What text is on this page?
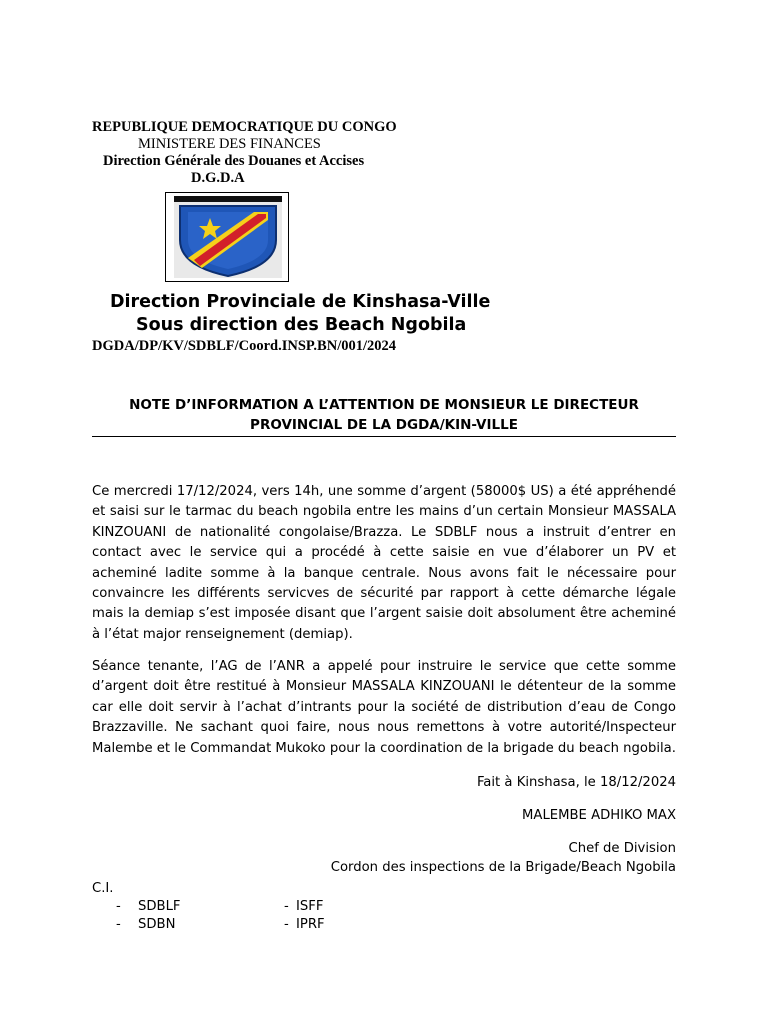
REPUBLIQUE DEMOCRATIQUE DU CONGO
MINISTERE DES FINANCES
Direction Générale des Douanes et Accises
D.G.D.A
Direction Provinciale de Kinshasa-Ville
Sous direction des Beach Ngobila
DGDA/DP/KV/SDBLF/Coord.INSP.BN/001/2024
NOTE D’INFORMATION A L’ATTENTION DE MONSIEUR LE DIRECTEUR PROVINCIAL DE LA DGDA/KIN-VILLE
Ce mercredi 17/12/2024, vers 14h, une somme d’argent (58000$ US) a été appréhendé et saisi sur le tarmac du beach ngobila entre les mains d’un certain Monsieur MASSALA KINZOUANI de nationalité congolaise/Brazza. Le SDBLF nous a instruit d’entrer en contact avec le service qui a procédé à cette saisie en vue d’élaborer un PV et acheminé ladite somme à la banque centrale. Nous avons fait le nécessaire pour convaincre les différents servicves de sécurité par rapport à cette démarche légale mais la demiap s’est imposée disant que l’argent saisie doit absolument être acheminé à l’état major renseignement (demiap).
Séance tenante, l’AG de l’ANR a appelé pour instruire le service que cette somme d’argent doit être restitué à Monsieur MASSALA KINZOUANI le détenteur de la somme car elle doit servir à l’achat d’intrants pour la société de distribution d’eau de Congo Brazzaville. Ne sachant quoi faire, nous nous remettons à votre autorité/Inspecteur Malembe et le Commandat Mukoko pour la coordination de la brigade du beach ngobila.
Fait à Kinshasa, le 18/12/2024
MALEMBE ADHIKO MAX
Chef de Division
Cordon des inspections de la Brigade/Beach Ngobila
C.I.
- SDBLF	- ISFF
- SDBN	- IPRF
